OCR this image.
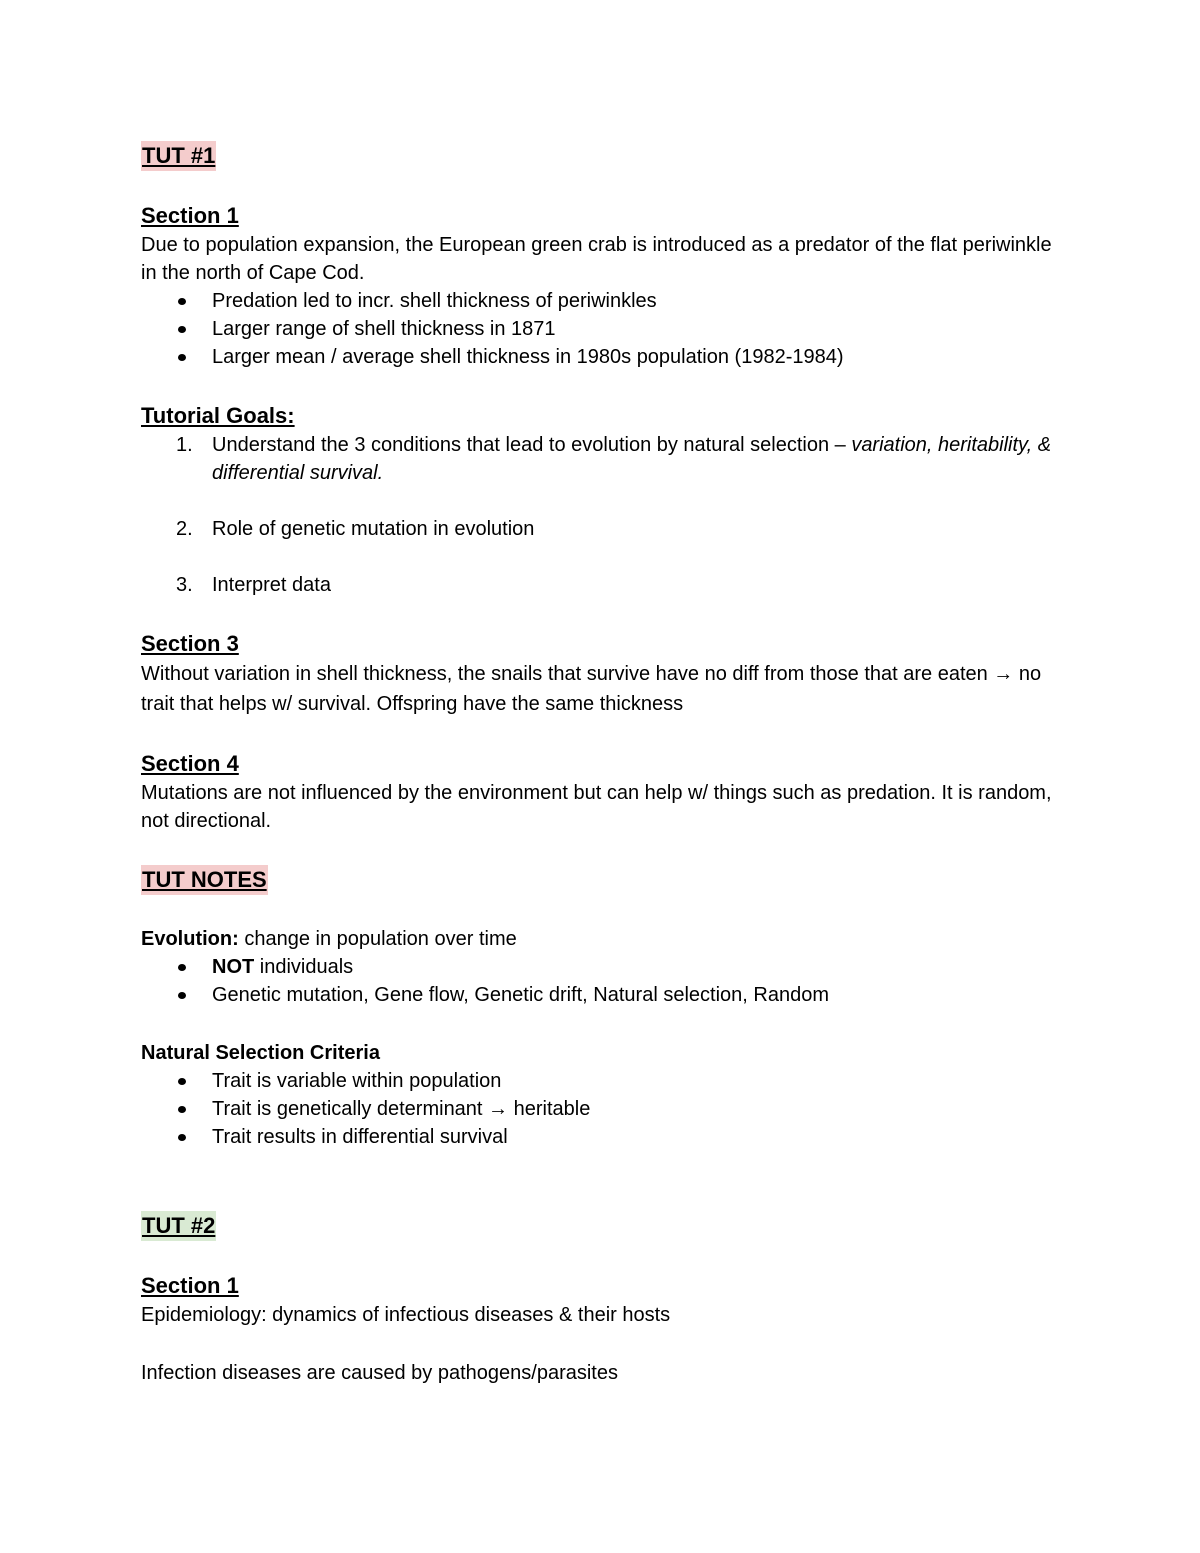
TUT #1
Section 1

Due to population expansion, the European green crab is introduced as a predator of the flat periwinkle in the north of Cape Cod.

Predation led to incr. shell thickness of periwinkles
Larger range of shell thickness in 1871
Larger mean / average shell thickness in 1980s population (1982-1984)
Tutorial Goals:
1. Understand the 3 conditions that lead to evolution by natural selection – variation, heritability, & differential survival.
2. Role of genetic mutation in evolution
3. Interpret data
Section 3

Without variation in shell thickness, the snails that survive have no diff from those that are eaten → no trait that helps w/ survival. Offspring have the same thickness

Section 4

Mutations are not influenced by the environment but can help w/ things such as predation. It is random, not directional.

TUT NOTES

Evolution: change in population over time

NOT individuals
Genetic mutation, Gene flow, Genetic drift, Natural selection, Random

Natural Selection Criteria

Trait is variable within population
Trait is genetically determinant → heritable
Trait results in differential survival
TUT #2
Section 1

Epidemiology: dynamics of infectious diseases & their hosts

Infection diseases are caused by pathogens/parasites
